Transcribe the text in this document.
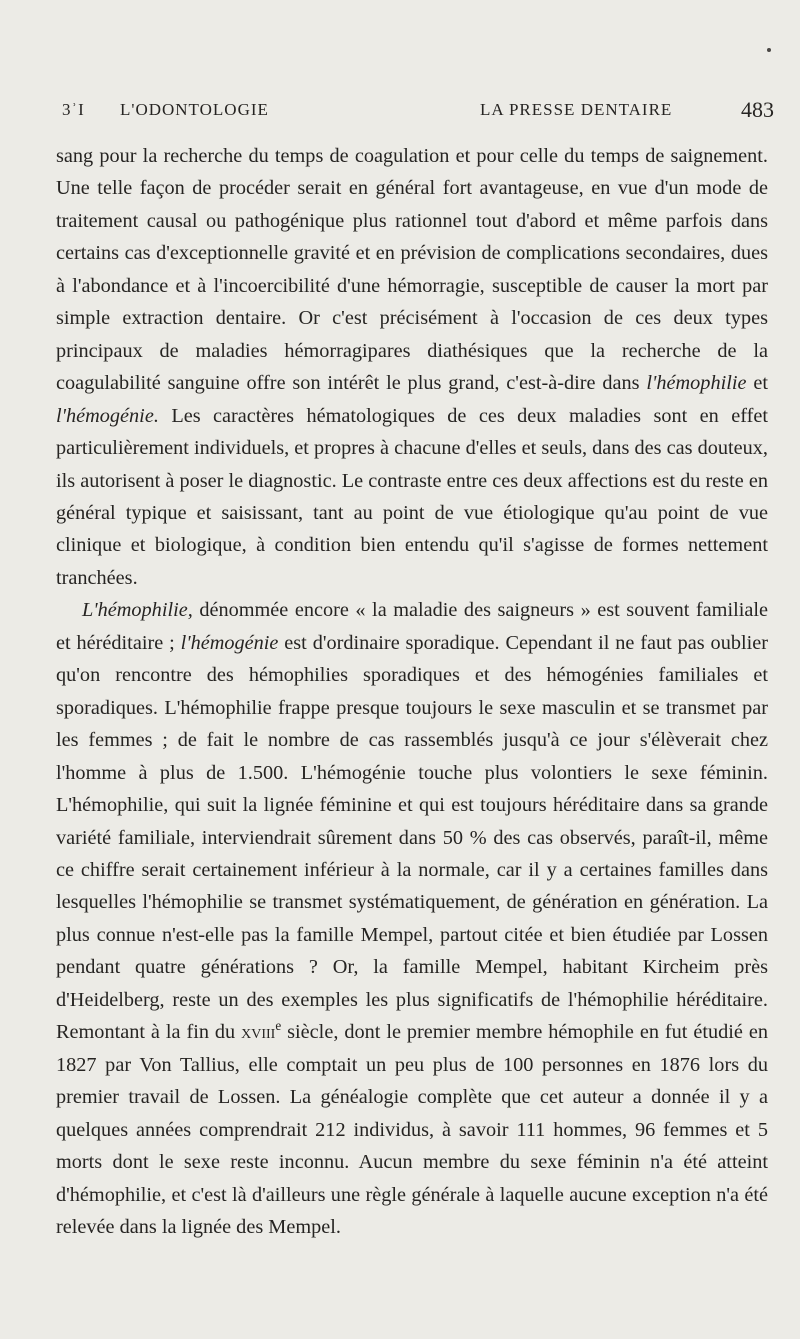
3ʾI L'ODONTOLOGIE	LA PRESSE DENTAIRE	483

sang pour la recherche du temps de coagulation et pour celle du temps de saignement. Une telle façon de procéder serait en général fort avantageuse, en vue d'un mode de traitement causal ou pathogénique plus rationnel tout d'abord et même parfois dans certains cas d'exceptionnelle gravité et en prévision de complications secondaires, dues à l'abondance et à l'incoercibilité d'une hémorragie, susceptible de causer la mort par simple extraction dentaire. Or c'est précisément à l'occasion de ces deux types principaux de maladies hémorragipares diathésiques que la recherche de la coagulabilité sanguine offre son intérêt le plus grand, c'est-à-dire dans l'hémophilie et l'hémogénie. Les caractères hématologiques de ces deux maladies sont en effet particulièrement individuels, et propres à chacune d'elles et seuls, dans des cas douteux, ils autorisent à poser le diagnostic. Le contraste entre ces deux affections est du reste en général typique et saisissant, tant au point de vue étiologique qu'au point de vue clinique et biologique, à condition bien entendu qu'il s'agisse de formes nettement tranchées.

L'hémophilie, dénommée encore « la maladie des saigneurs » est souvent familiale et héréditaire ; l'hémogénie est d'ordinaire sporadique. Cependant il ne faut pas oublier qu'on rencontre des hémophilies sporadiques et des hémogénies familiales et sporadiques. L'hémophilie frappe presque toujours le sexe masculin et se transmet par les femmes ; de fait le nombre de cas rassemblés jusqu'à ce jour s'élèverait chez l'homme à plus de 1.500. L'hémogénie touche plus volontiers le sexe féminin. L'hémophilie, qui suit la lignée féminine et qui est toujours héréditaire dans sa grande variété familiale, interviendrait sûrement dans 50 % des cas observés, paraît-il, même ce chiffre serait certainement inférieur à la normale, car il y a certaines familles dans lesquelles l'hémophilie se transmet systématiquement, de génération en génération. La plus connue n'est-elle pas la famille Mempel, partout citée et bien étudiée par Lossen pendant quatre générations ? Or, la famille Mempel, habitant Kircheim près d'Heidelberg, reste un des exemples les plus significatifs de l'hémophilie héréditaire. Remontant à la fin du xviii$^e$ siècle, dont le premier membre hémophile en fut étudié en 1827 par Von Tallius, elle comptait un peu plus de 100 personnes en 1876 lors du premier travail de Lossen. La généalogie complète que cet auteur a donnée il y a quelques années comprendrait 212 individus, à savoir 111 hommes, 96 femmes et 5 morts dont le sexe reste inconnu. Aucun membre du sexe féminin n'a été atteint d'hémophilie, et c'est là d'ailleurs une règle générale à laquelle aucune exception n'a été relevée dans la lignée des Mempel.
